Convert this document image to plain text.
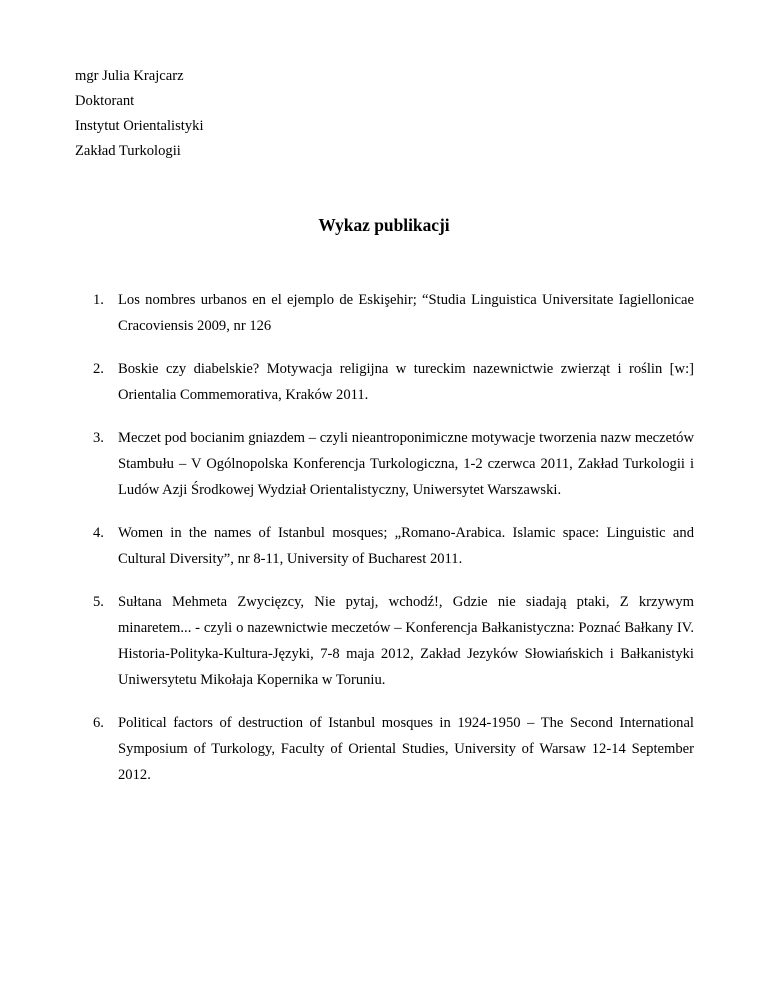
mgr Julia Krajcarz
Doktorant
Instytut Orientalistyki
Zakład Turkologii
Wykaz publikacji
1. Los nombres urbanos en el ejemplo de Eskişehir; “Studia Linguistica Universitate Iagiellonicae Cracoviensis 2009, nr 126
2. Boskie czy diabelskie? Motywacja religijna w tureckim nazewnictwie zwierząt i roślin [w:] Orientalia Commemorativa, Kraków 2011.
3. Meczet pod bocianim gniazdem – czyli nieantroponimiczne motywacje tworzenia nazw meczetów Stambułu – V Ogólnopolska Konferencja Turkologiczna, 1-2 czerwca 2011, Zakład Turkologii i Ludów Azji Środkowej Wydział Orientalistyczny, Uniwersytet Warszawski.
4. Women in the names of Istanbul mosques; „Romano-Arabica. Islamic space: Linguistic and Cultural Diversity”, nr 8-11, University of Bucharest 2011.
5. Sułtana Mehmeta Zwycięzcy, Nie pytaj, wchodź!, Gdzie nie siadają ptaki, Z krzywym minaretem... - czyli o nazewnictwie meczetów – Konferencja Bałkanistyczna: Poznać Bałkany IV. Historia-Polityka-Kultura-Języki, 7-8 maja 2012, Zakład Jezyków Słowiańskich i Bałkanistyki Uniwersytetu Mikołaja Kopernika w Toruniu.
6. Political factors of destruction of Istanbul mosques in 1924-1950 – The Second International Symposium of Turkology, Faculty of Oriental Studies, University of Warsaw 12-14 September 2012.
